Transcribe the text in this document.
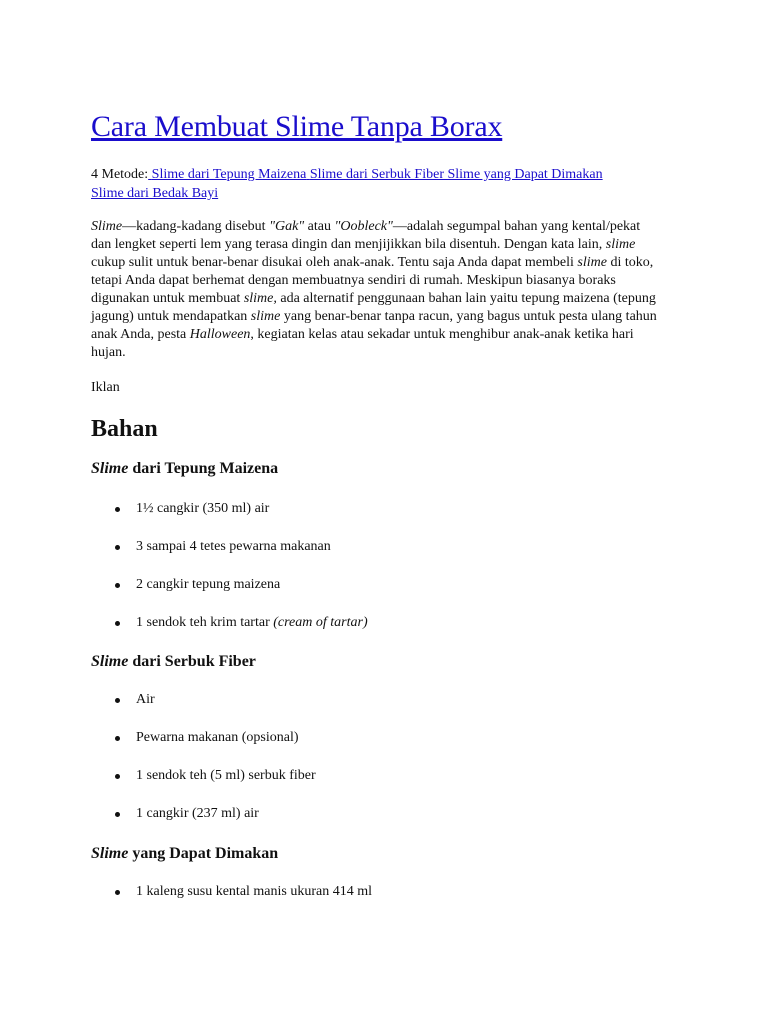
Cara Membuat Slime Tanpa Borax
4 Metode: Slime dari Tepung Maizena Slime dari Serbuk Fiber Slime yang Dapat Dimakan
Slime dari Bedak Bayi

Slime—kadang-kadang disebut "Gak" atau "Oobleck"—adalah segumpal bahan yang kental/pekat dan lengket seperti lem yang terasa dingin dan menjijikkan bila disentuh. Dengan kata lain, slime cukup sulit untuk benar-benar disukai oleh anak-anak. Tentu saja Anda dapat membeli slime di toko, tetapi Anda dapat berhemat dengan membuatnya sendiri di rumah. Meskipun biasanya boraks digunakan untuk membuat slime, ada alternatif penggunaan bahan lain yaitu tepung maizena (tepung jagung) untuk mendapatkan slime yang benar-benar tanpa racun, yang bagus untuk pesta ulang tahun anak Anda, pesta Halloween, kegiatan kelas atau sekadar untuk menghibur anak-anak ketika hari hujan.

Iklan
Bahan
Slime dari Tepung Maizena
1½ cangkir (350 ml) air
3 sampai 4 tetes pewarna makanan
2 cangkir tepung maizena
1 sendok teh krim tartar (cream of tartar)
Slime dari Serbuk Fiber
Air
Pewarna makanan (opsional)
1 sendok teh (5 ml) serbuk fiber
1 cangkir (237 ml) air
Slime yang Dapat Dimakan
1 kaleng susu kental manis ukuran 414 ml
